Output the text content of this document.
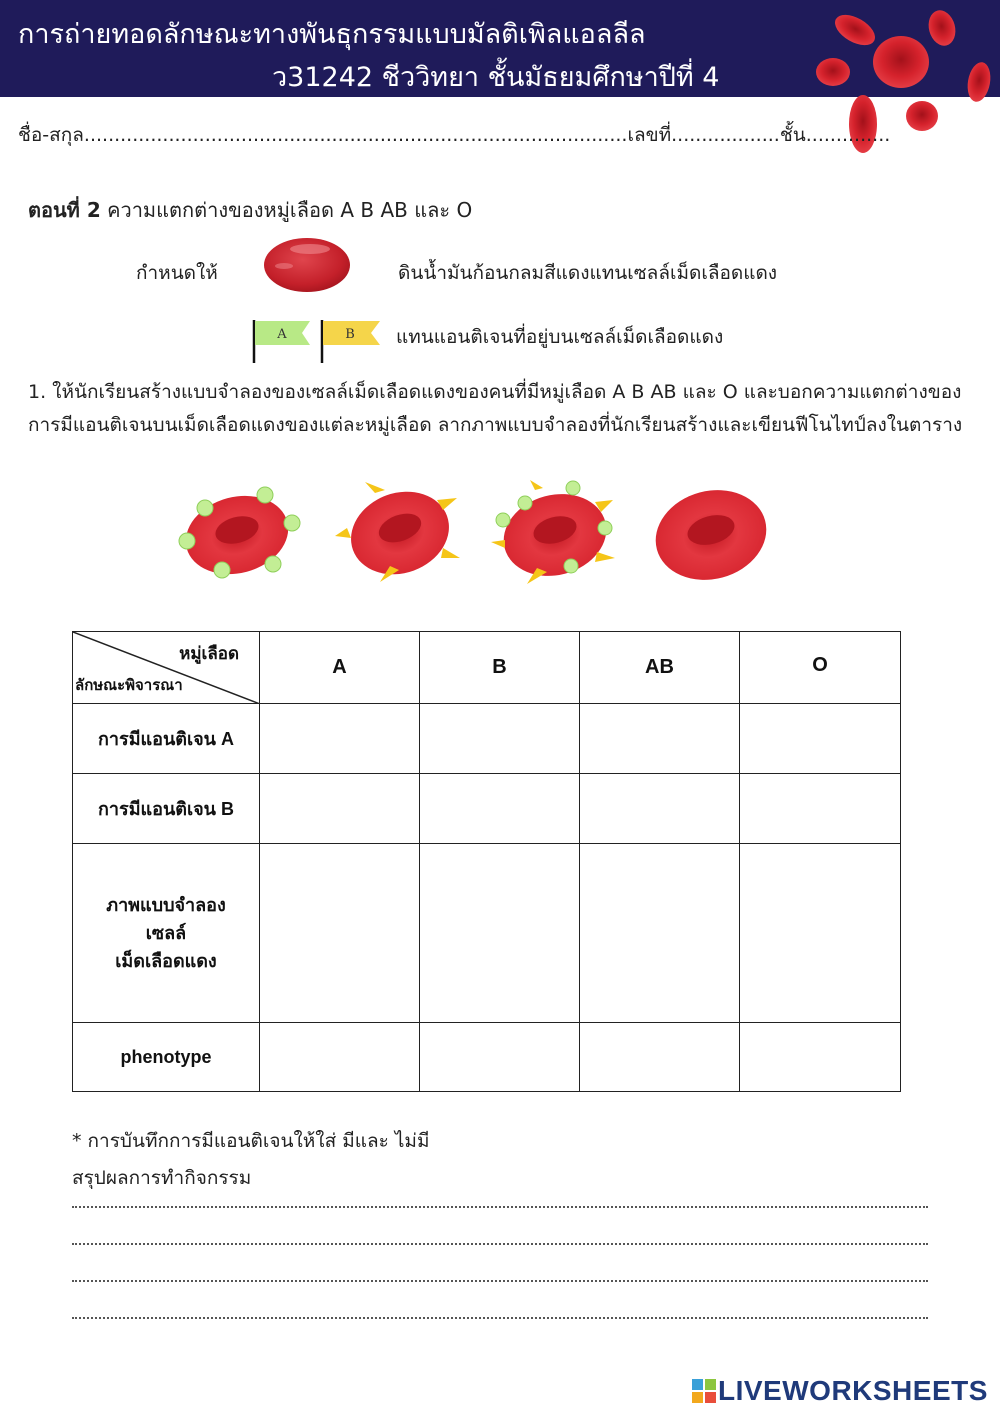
การถ่ายทอดลักษณะทางพันธุกรรมแบบมัลติเพิลแอลลีล
ว31242 ชีววิทยา ชั้นมัธยมศึกษาปีที่ 4
ชื่อ-สกุล..........................................................................................เลขที่..................ชั้น..............
ตอนที่ 2 ความแตกต่างของหมู่เลือด A B AB และ O
กำหนดให้	ดินน้ำมันก้อนกลมสีแดงแทนเซลล์เม็ดเลือดแดง
A	B แทนแอนติเจนที่อยู่บนเซลล์เม็ดเลือดแดง
1. ให้นักเรียนสร้างแบบจำลองของเซลล์เม็ดเลือดแดงของคนที่มีหมู่เลือด A B AB และ O และบอกความแตกต่างของการมีแอนติเจนบนเม็ดเลือดแดงของแต่ละหมู่เลือด ลากภาพแบบจำลองที่นักเรียนสร้างและเขียนฟีโนไทป์ลงในตาราง
หมู่เลือด
ลักษณะพิจารณา	A	B	AB	O
การมีแอนติเจน A				
การมีแอนติเจน B				
ภาพแบบจำลอง
เซลล์
เม็ดเลือดแดง				
phenotype				
* การบันทึกการมีแอนติเจนให้ใส่ มีและ ไม่มี
สรุปผลการทำกิจกรรม
LIVEWORKSHEETS
